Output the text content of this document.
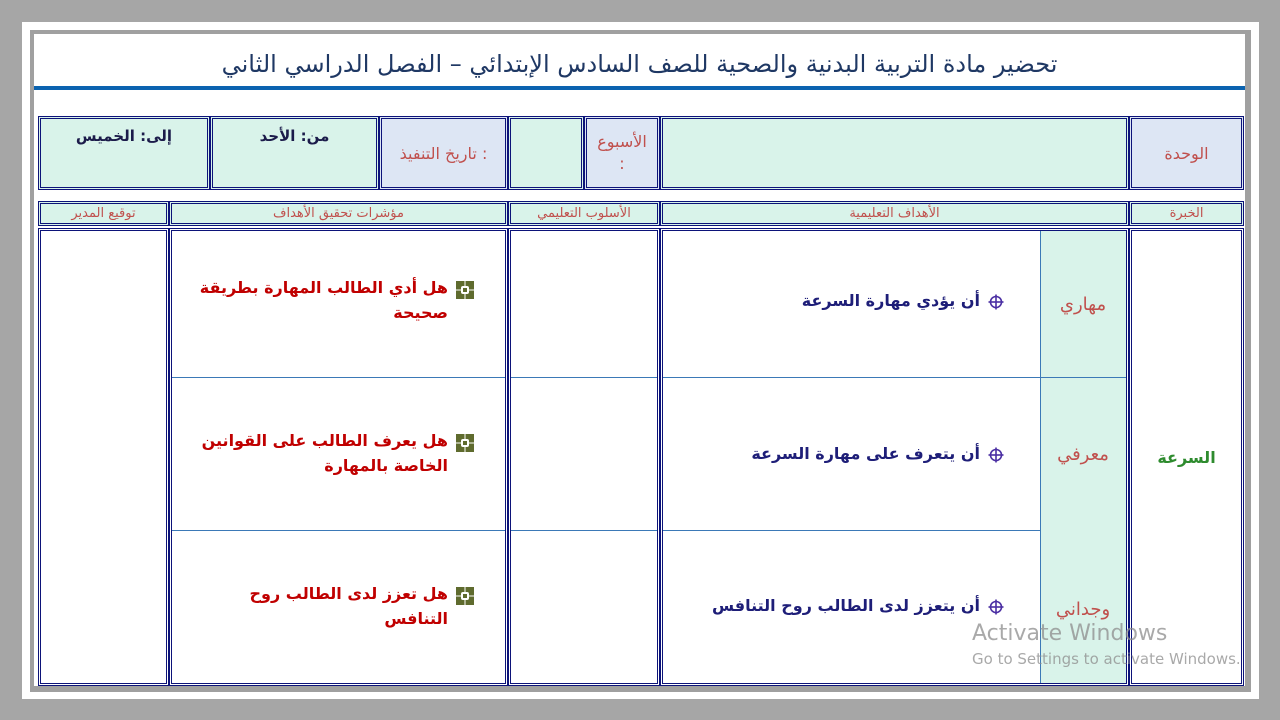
تحضير مادة التربية البدنية والصحية للصف السادس الإبتدائي – الفصل الدراسي الثاني
الوحدة
الأسبوع :
تاريخ التنفيذ :
من: الأحد
إلى: الخميس
الخبرة
الأهداف التعليمية
الأسلوب التعليمي
مؤشرات تحقيق الأهداف
توقيع المدير
السرعة
مهاري
أن يؤدي مهارة السرعة
معرفي
أن يتعرف على مهارة السرعة
وجداني
أن يتعزز لدى الطالب روح التنافس
هل أدي الطالب المهارة بطريقة صحيحة
هل يعرف الطالب على القوانين الخاصة بالمهارة
هل تعزز لدى الطالب روح التنافس
Activate Windows
Go to Settings to activate Windows.
